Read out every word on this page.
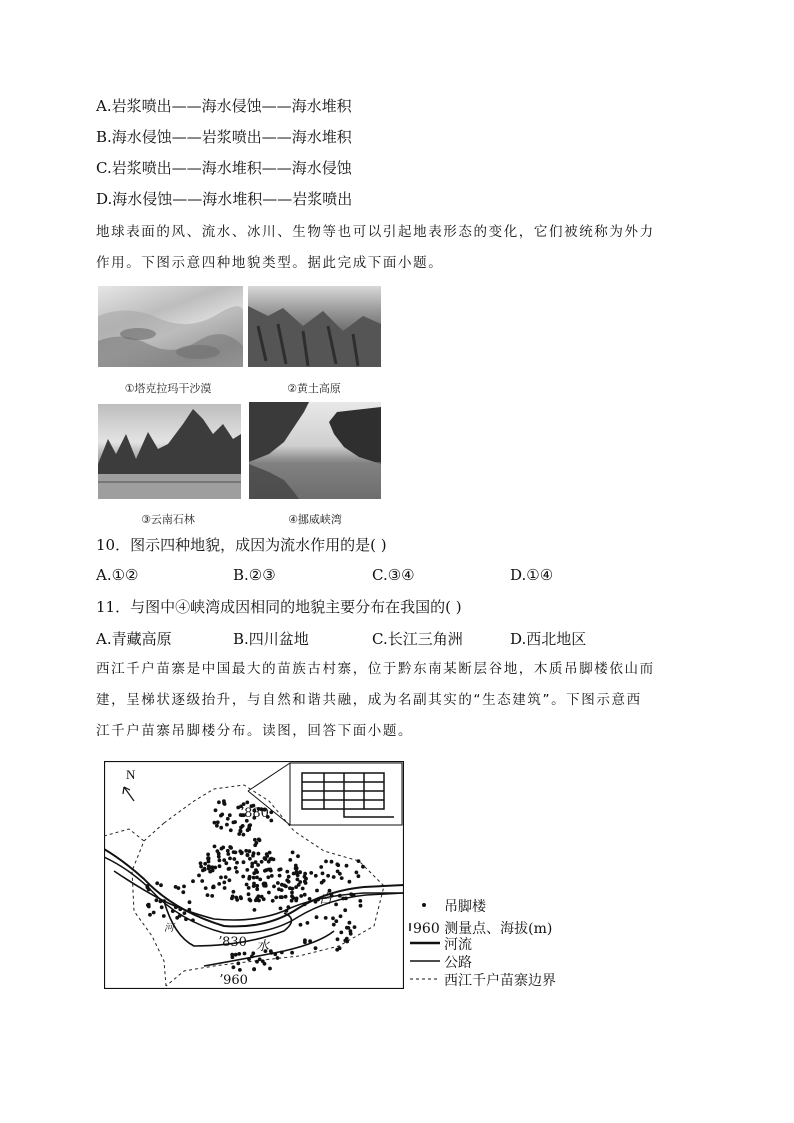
A.岩浆喷出——海水侵蚀——海水堆积
B.海水侵蚀——岩浆喷出——海水堆积
C.岩浆喷出——海水堆积——海水侵蚀
D.海水侵蚀——海水堆积——岩浆喷出
地球表面的风、流水、冰川、生物等也可以引起地表形态的变化，它们被统称为外力
作用。下图示意四种地貌类型。据此完成下面小题。
①塔克拉玛干沙漠	②黄土高原
③云南石林	④挪威峡湾
10．图示四种地貌，成因为流水作用的是( )
A.①②	B.②③	C.③④	D.①④
11．与图中④峡湾成因相同的地貌主要分布在我国的( )
A.青藏高原	B.四川盆地	C.长江三角洲	D.西北地区
西江千户苗寨是中国最大的苗族古村寨，位于黔东南某断层谷地，木质吊脚楼依山而
建，呈梯状逐级抬升，与自然和谐共融，成为名副其实的“生态建筑”。下图示意西
江千户苗寨吊脚楼分布。读图，回答下面小题。
N
ʼ880
ʼ830
ʼ960
白
水
河
吊脚楼
960 测量点、海拔(m)
河流
公路
西江千户苗寨边界
